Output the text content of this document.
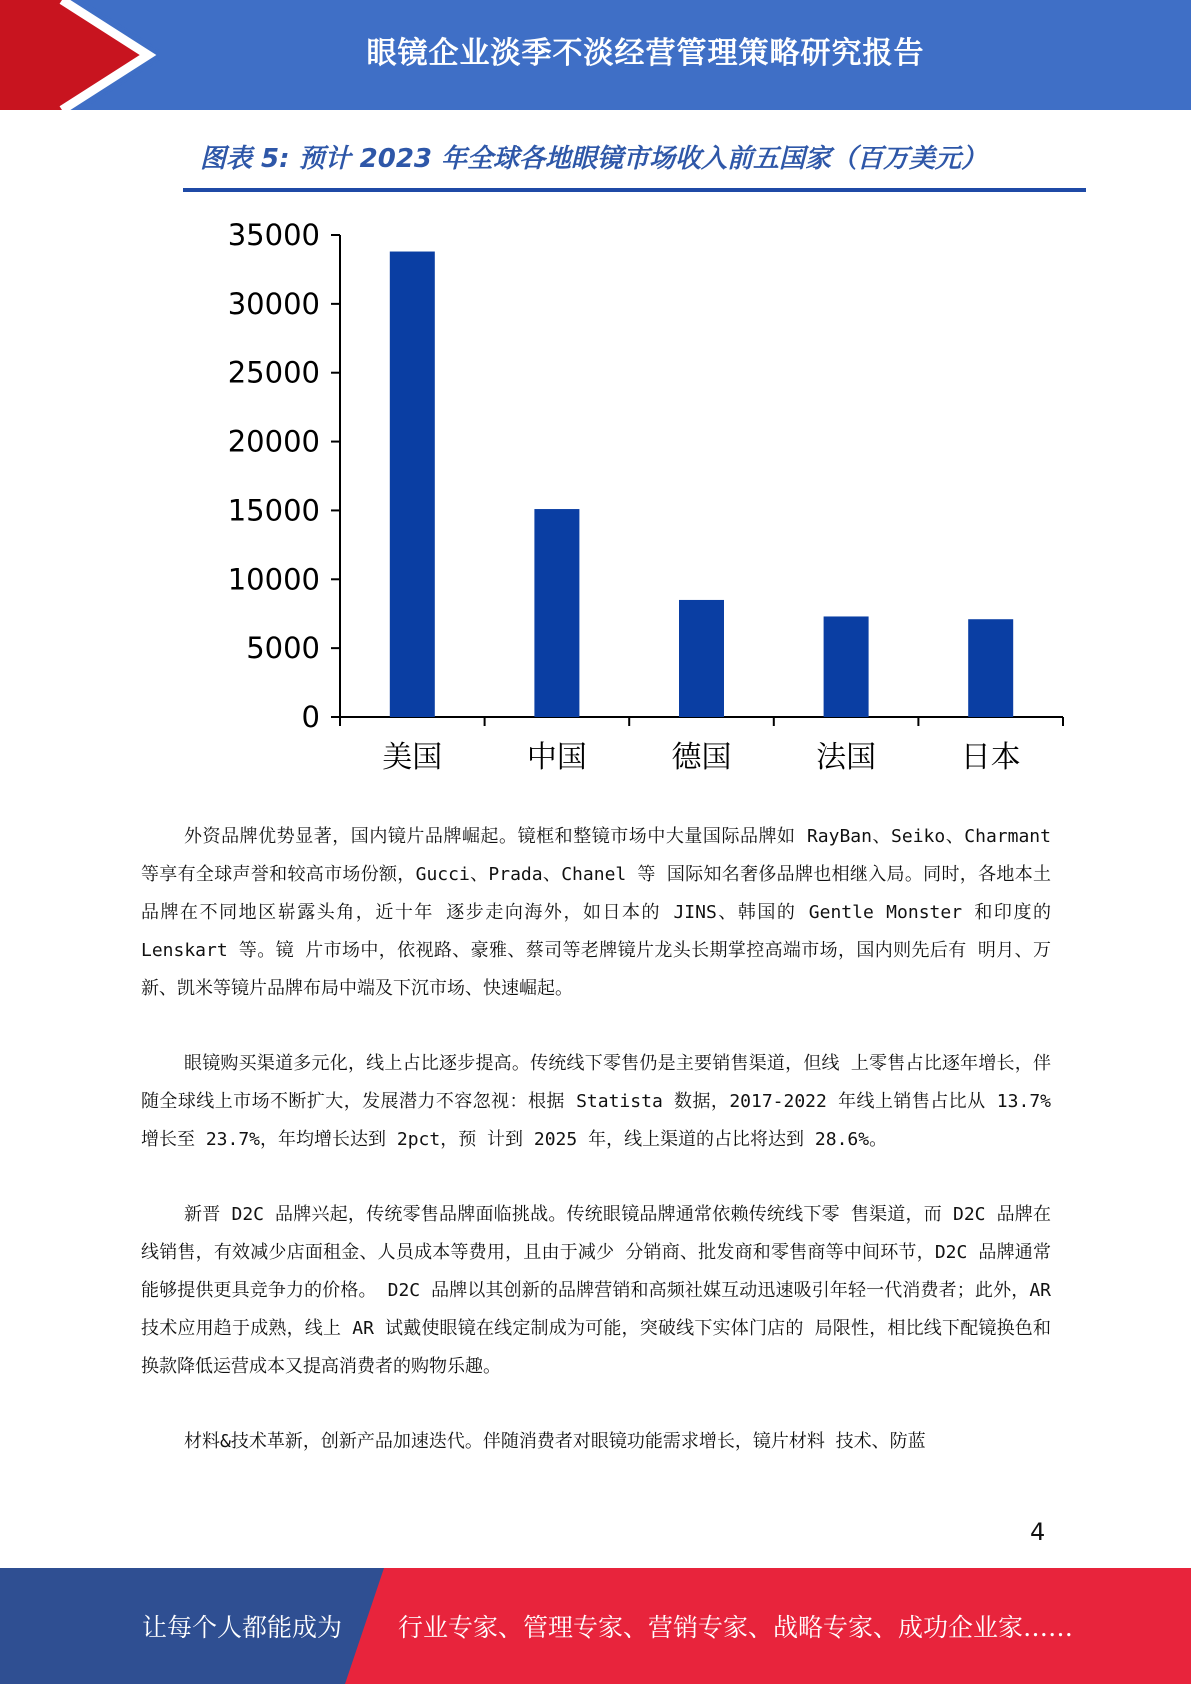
眼镜企业淡季不淡经营管理策略研究报告
图表 5: 预计 2023 年全球各地眼镜市场收入前五国家（百万美元）
0
5000
10000
15000
20000
25000
30000
35000
美国	中国	德国	法国	日本

外资品牌优势显著，国内镜片品牌崛起。镜框和整镜市场中大量国际品牌如 RayBan、Seiko、Charmant 等享有全球声誉和较高市场份额，Gucci、Prada、Chanel 等 国际知名奢侈品牌也相继入局。同时，各地本土品牌在不同地区崭露头角，近十年 逐步走向海外，如日本的 JINS、韩国的 Gentle Monster 和印度的 Lenskart 等。镜 片市场中，依视路、豪雅、蔡司等老牌镜片龙头长期掌控高端市场，国内则先后有 明月、万新、凯米等镜片品牌布局中端及下沉市场、快速崛起。

眼镜购买渠道多元化，线上占比逐步提高。传统线下零售仍是主要销售渠道，但线 上零售占比逐年增长，伴随全球线上市场不断扩大，发展潜力不容忽视：根据 Statista 数据，2017-2022 年线上销售占比从 13.7%增长至 23.7%，年均增长达到 2pct，预 计到 2025 年，线上渠道的占比将达到 28.6%。

新晋 D2C 品牌兴起，传统零售品牌面临挑战。传统眼镜品牌通常依赖传统线下零 售渠道，而 D2C 品牌在线销售，有效减少店面租金、人员成本等费用，且由于减少 分销商、批发商和零售商等中间环节，D2C 品牌通常能够提供更具竞争力的价格。 D2C 品牌以其创新的品牌营销和高频社媒互动迅速吸引年轻一代消费者；此外，AR 技术应用趋于成熟，线上 AR 试戴使眼镜在线定制成为可能，突破线下实体门店的 局限性，相比线下配镜换色和换款降低运营成本又提高消费者的购物乐趣。

材料&技术革新，创新产品加速迭代。伴随消费者对眼镜功能需求增长，镜片材料 技术、防蓝

4
让每个人都能成为 行业专家、管理专家、营销专家、战略专家、成功企业家……
